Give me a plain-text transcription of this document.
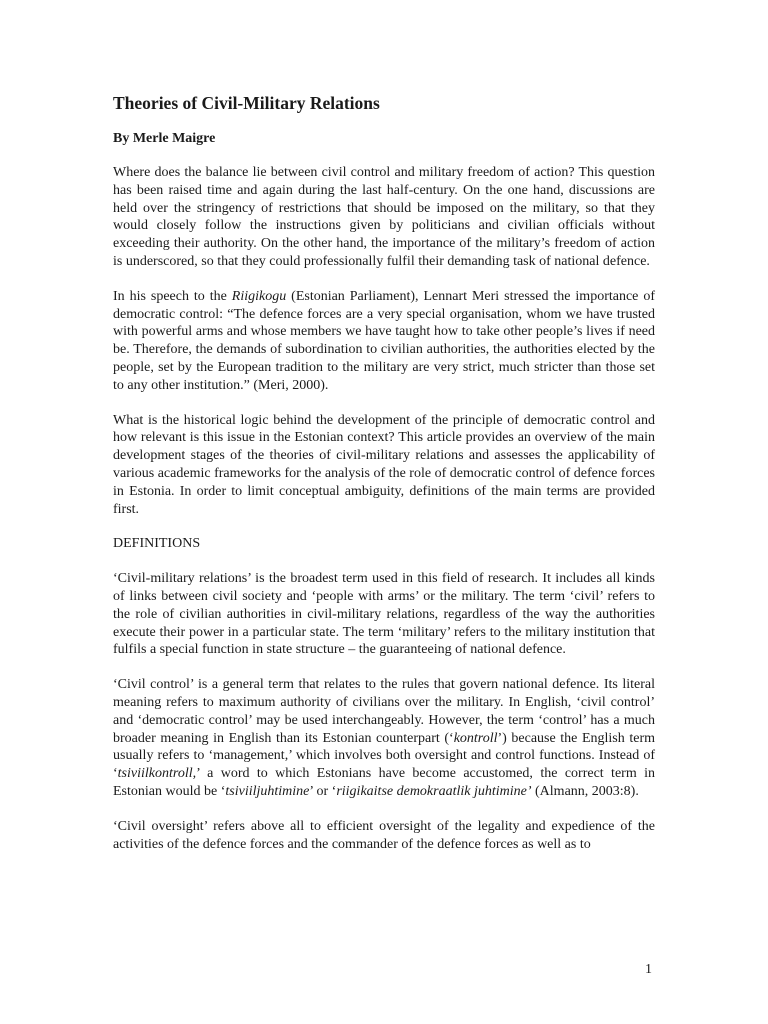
Theories of Civil-Military Relations
By Merle Maigre

Where does the balance lie between civil control and military freedom of action? This question has been raised time and again during the last half-century. On the one hand, discussions are held over the stringency of restrictions that should be imposed on the military, so that they would closely follow the instructions given by politicians and civilian officials without exceeding their authority. On the other hand, the importance of the military’s freedom of action is underscored, so that they could professionally fulfil their demanding task of national defence.

In his speech to the Riigikogu (Estonian Parliament), Lennart Meri stressed the importance of democratic control: “The defence forces are a very special organisation, whom we have trusted with powerful arms and whose members we have taught how to take other people’s lives if need be. Therefore, the demands of subordination to civilian authorities, the authorities elected by the people, set by the European tradition to the military are very strict, much stricter than those set to any other institution.” (Meri, 2000).

What is the historical logic behind the development of the principle of democratic control and how relevant is this issue in the Estonian context? This article provides an overview of the main development stages of the theories of civil-military relations and assesses the applicability of various academic frameworks for the analysis of the role of democratic control of defence forces in Estonia. In order to limit conceptual ambiguity, definitions of the main terms are provided first.

DEFINITIONS

‘Civil-military relations’ is the broadest term used in this field of research. It includes all kinds of links between civil society and ‘people with arms’ or the military. The term ‘civil’ refers to the role of civilian authorities in civil-military relations, regardless of the way the authorities execute their power in a particular state. The term ‘military’ refers to the military institution that fulfils a special function in state structure – the guaranteeing of national defence.

‘Civil control’ is a general term that relates to the rules that govern national defence. Its literal meaning refers to maximum authority of civilians over the military. In English, ‘civil control’ and ‘democratic control’ may be used interchangeably. However, the term ‘control’ has a much broader meaning in English than its Estonian counterpart (‘kontroll’) because the English term usually refers to ‘management,’ which involves both oversight and control functions. Instead of ‘tsiviilkontroll,’ a word to which Estonians have become accustomed, the correct term in Estonian would be ‘tsiviiljuhtimine’ or ‘riigikaitse demokraatlik juhtimine’ (Almann, 2003:8).

‘Civil oversight’ refers above all to efficient oversight of the legality and expedience of the activities of the defence forces and the commander of the defence forces as well as to

1
